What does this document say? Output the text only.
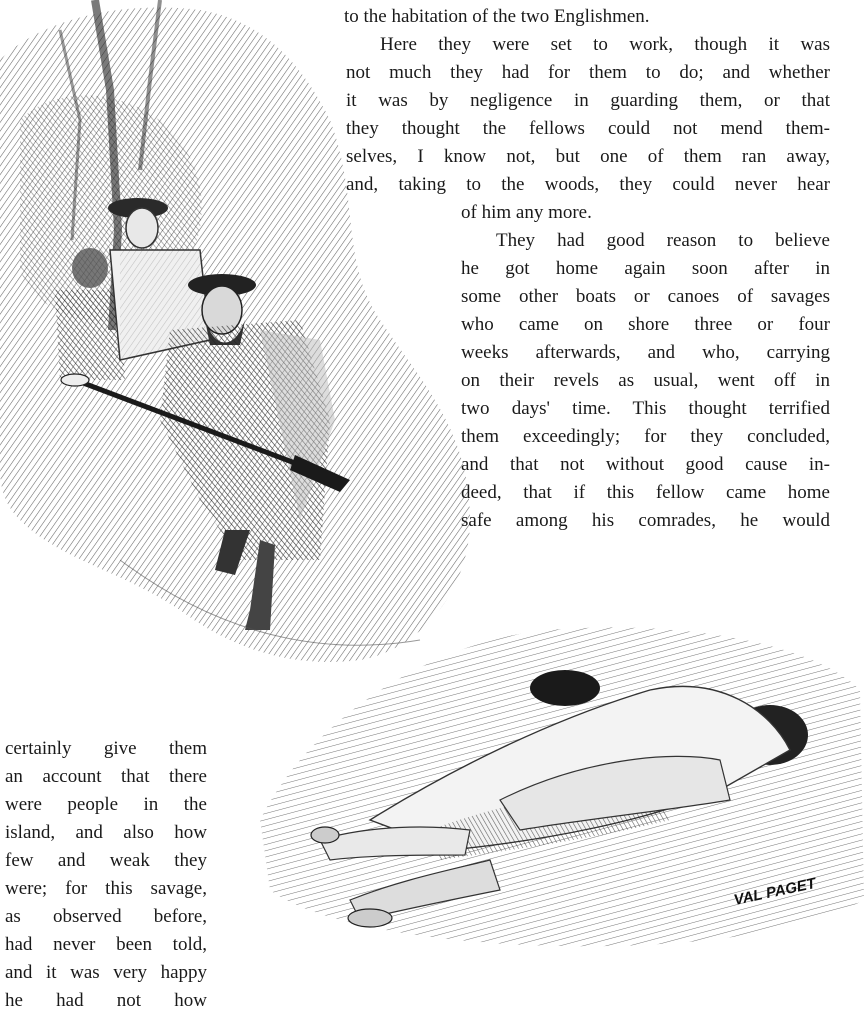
VAL PAGET
to the habitation of the two Englishmen.
Here they were set to work, though it was
not much they had for them to do; and whether
it was by negligence in guarding them, or that
they thought the fellows could not mend them-
selves, I know not, but one of them ran away,
and, taking to the woods, they could never hear
of him any more.
They had good reason to believe
he got home again soon after in
some other boats or canoes of savages
who came on shore three or four
weeks afterwards, and who, carrying
on their revels as usual, went off in
two days' time. This thought terrified
them exceedingly; for they concluded,
and that not without good cause in-
deed, that if this fellow came home
safe among his comrades, he would
certainly give them
an account that there
were people in the
island, and also how
few and weak they
were; for this savage,
as observed before,
had never been told,
and it was very happy
he had not how
